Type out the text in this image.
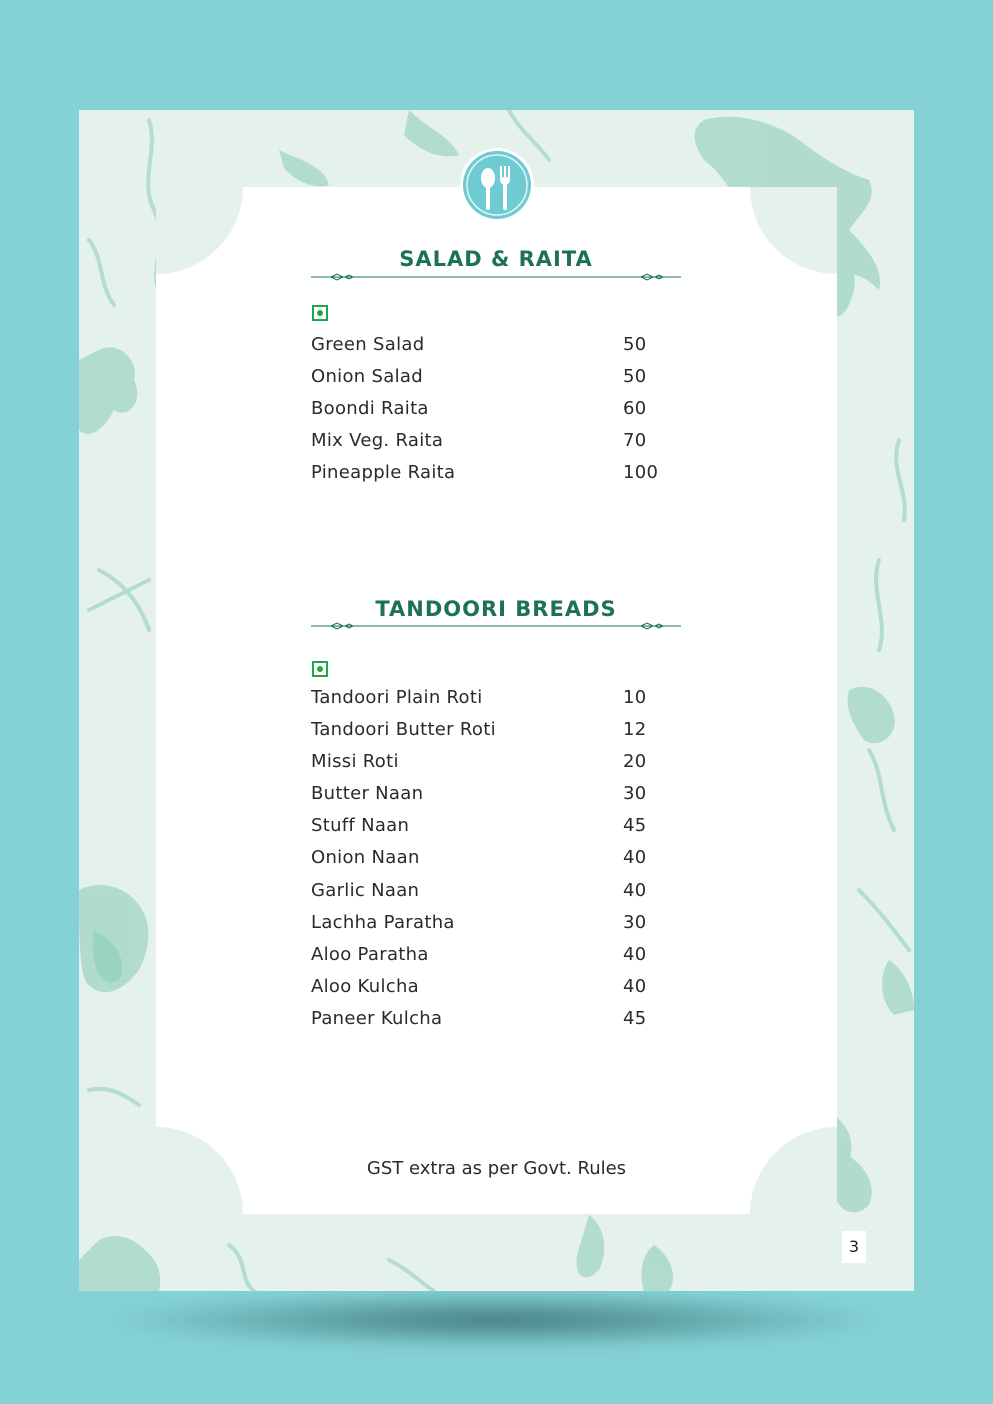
SALAD & RAITA
Green Salad	50
Onion Salad	50
Boondi Raita	60
Mix Veg. Raita	70
Pineapple Raita	100
TANDOORI BREADS
Tandoori Plain Roti	10
Tandoori Butter Roti	12
Missi Roti	20
Butter Naan	30
Stuff Naan	45
Onion Naan	40
Garlic Naan	40
Lachha Paratha	30
Aloo Paratha	40
Aloo Kulcha	40
Paneer Kulcha	45
GST extra as per Govt. Rules
3
